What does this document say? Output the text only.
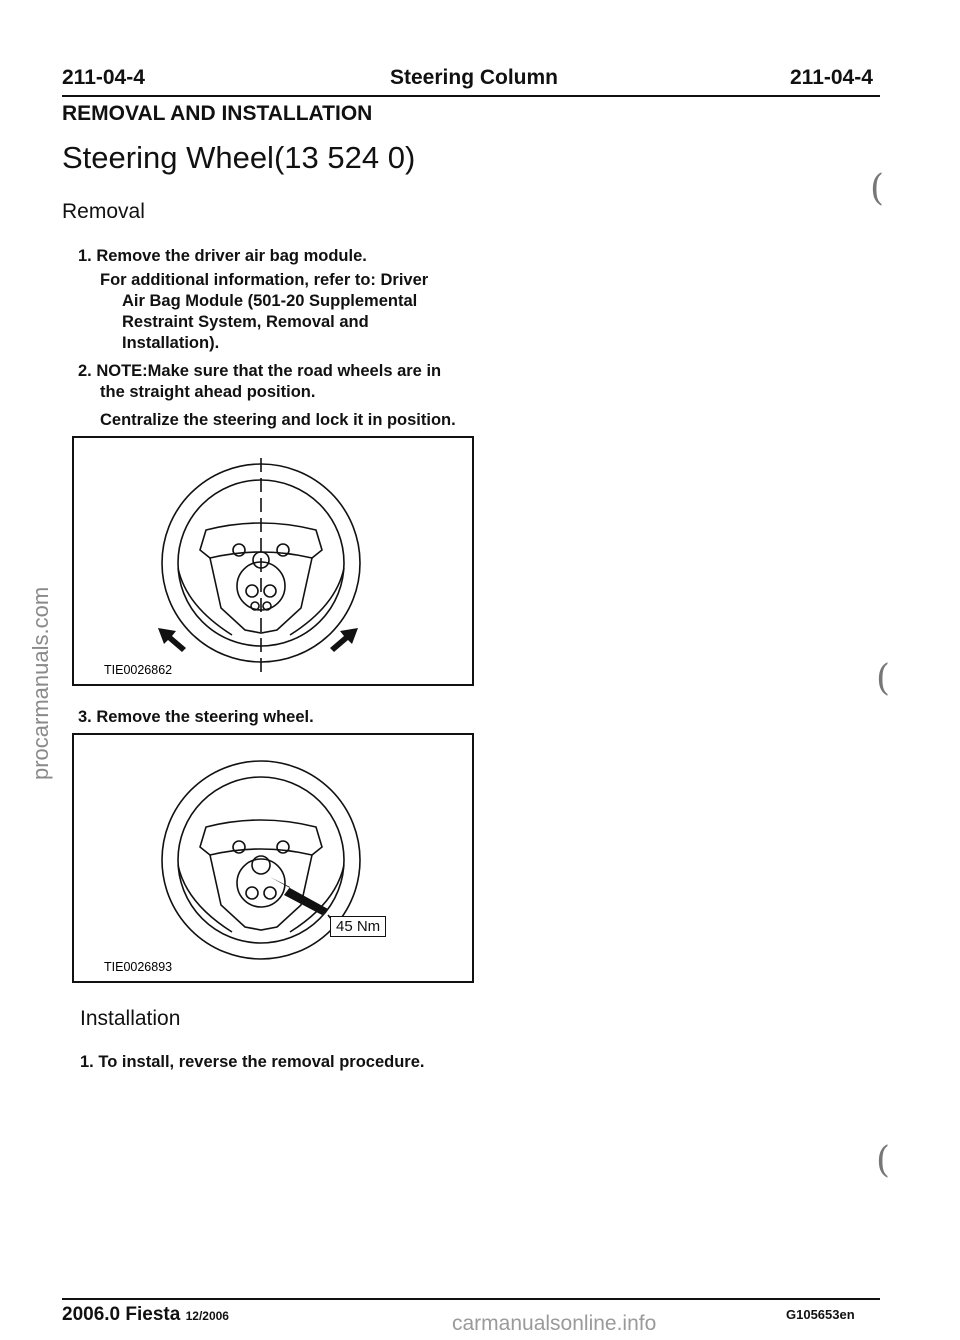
211-04-4	Steering Column	211-04-4
REMOVAL AND INSTALLATION
Steering Wheel(13 524 0)
Removal
1. Remove the driver air bag module.
For additional information, refer to: Driver
Air Bag Module (501-20 Supplemental
Restraint System, Removal and
Installation).
2. NOTE:Make sure that the road wheels are in
the straight ahead position.
Centralize the steering and lock it in position.
TIE0026862
3. Remove the steering wheel.
TIE0026893
45 Nm
Installation
1. To install, reverse the removal procedure.
(
(
(
2006.0 Fiesta 12/2006	G105653en
procarmanuals.com
carmanualsonline.info
